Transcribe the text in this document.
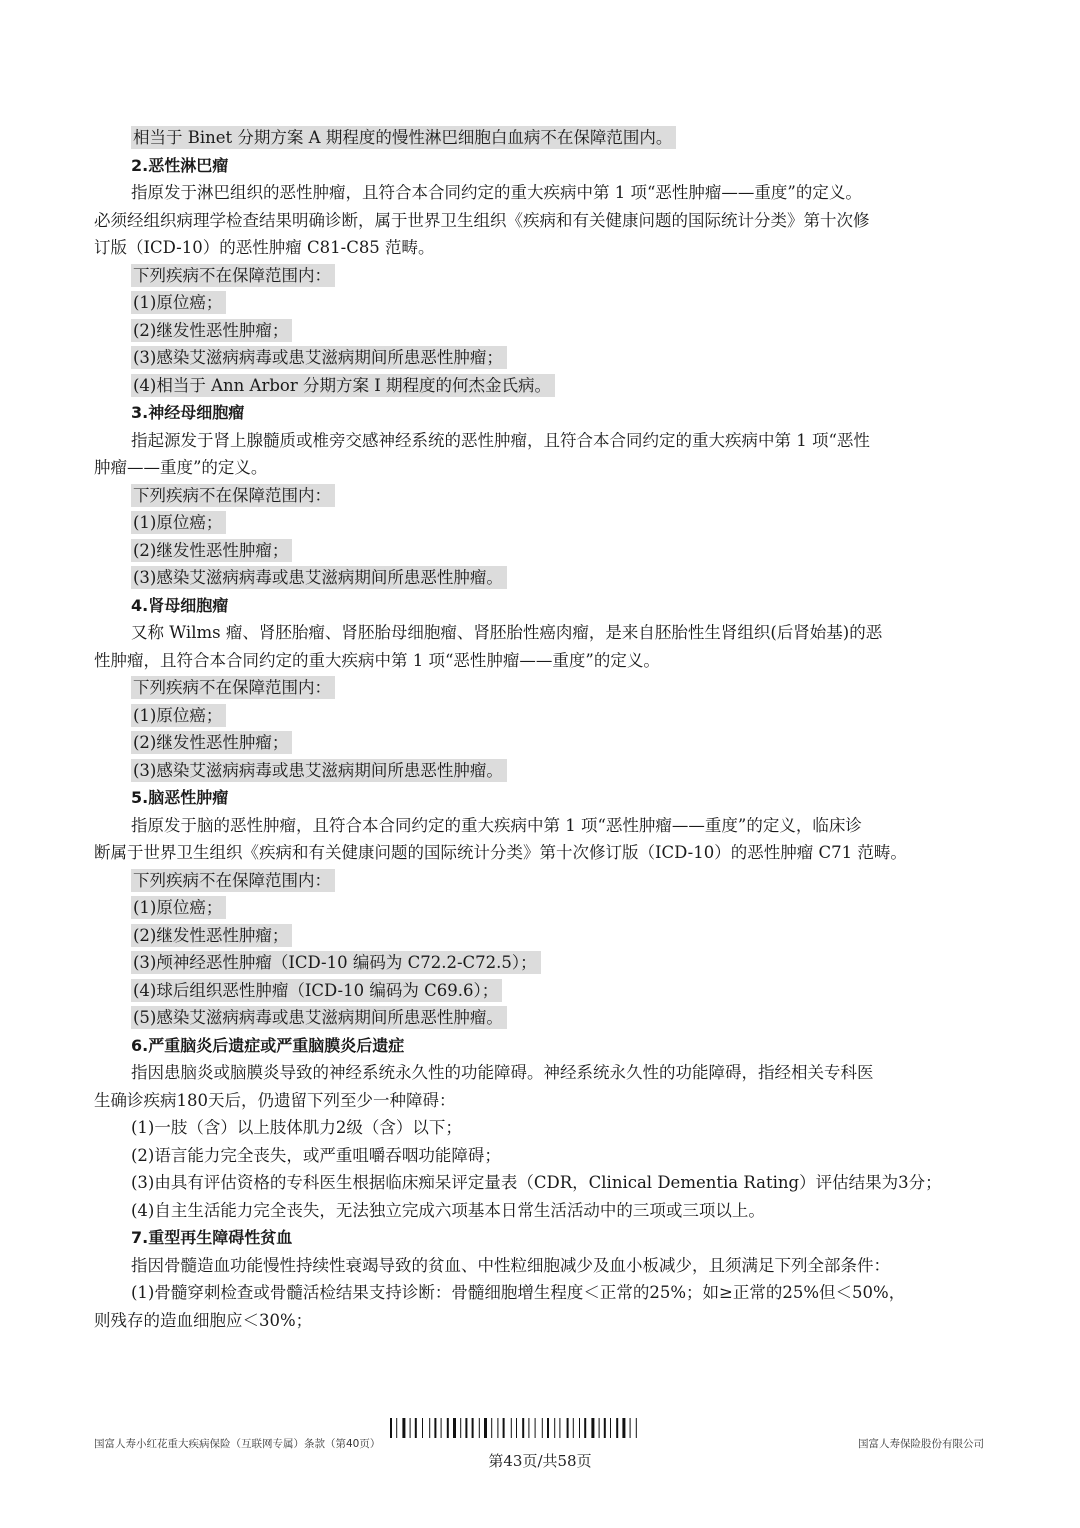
相当于 Binet 分期方案 A 期程度的慢性淋巴细胞白血病不在保障范围内。
2.恶性淋巴瘤
指原发于淋巴组织的恶性肿瘤，且符合本合同约定的重大疾病中第 1 项“恶性肿瘤——重度”的定义。
必须经组织病理学检查结果明确诊断，属于世界卫生组织《疾病和有关健康问题的国际统计分类》第十次修
订版（ICD-10）的恶性肿瘤 C81-C85 范畴。
下列疾病不在保障范围内：
(1)原位癌；
(2)继发性恶性肿瘤；
(3)感染艾滋病病毒或患艾滋病期间所患恶性肿瘤；
(4)相当于 Ann Arbor 分期方案 I 期程度的何杰金氏病。
3.神经母细胞瘤
指起源发于肾上腺髓质或椎旁交感神经系统的恶性肿瘤，且符合本合同约定的重大疾病中第 1 项“恶性
肿瘤——重度”的定义。
下列疾病不在保障范围内：
(1)原位癌；
(2)继发性恶性肿瘤；
(3)感染艾滋病病毒或患艾滋病期间所患恶性肿瘤。
4.肾母细胞瘤
又称 Wilms 瘤、肾胚胎瘤、肾胚胎母细胞瘤、肾胚胎性癌肉瘤，是来自胚胎性生肾组织(后肾始基)的恶
性肿瘤，且符合本合同约定的重大疾病中第 1 项“恶性肿瘤——重度”的定义。
下列疾病不在保障范围内：
(1)原位癌；
(2)继发性恶性肿瘤；
(3)感染艾滋病病毒或患艾滋病期间所患恶性肿瘤。
5.脑恶性肿瘤
指原发于脑的恶性肿瘤，且符合本合同约定的重大疾病中第 1 项“恶性肿瘤——重度”的定义，临床诊
断属于世界卫生组织《疾病和有关健康问题的国际统计分类》第十次修订版（ICD-10）的恶性肿瘤 C71 范畴。
下列疾病不在保障范围内：
(1)原位癌；
(2)继发性恶性肿瘤；
(3)颅神经恶性肿瘤（ICD-10 编码为 C72.2-C72.5）；
(4)球后组织恶性肿瘤（ICD-10 编码为 C69.6）；
(5)感染艾滋病病毒或患艾滋病期间所患恶性肿瘤。
6.严重脑炎后遗症或严重脑膜炎后遗症
指因患脑炎或脑膜炎导致的神经系统永久性的功能障碍。神经系统永久性的功能障碍，指经相关专科医
生确诊疾病180天后，仍遗留下列至少一种障碍：
(1)一肢（含）以上肢体肌力2级（含）以下；
(2)语言能力完全丧失，或严重咀嚼吞咽功能障碍；
(3)由具有评估资格的专科医生根据临床痴呆评定量表（CDR，Clinical Dementia Rating）评估结果为3分；
(4)自主生活能力完全丧失，无法独立完成六项基本日常生活活动中的三项或三项以上。
7.重型再生障碍性贫血
指因骨髓造血功能慢性持续性衰竭导致的贫血、中性粒细胞减少及血小板减少，且须满足下列全部条件：
(1)骨髓穿刺检查或骨髓活检结果支持诊断：骨髓细胞增生程度＜正常的25%；如≥正常的25%但＜50%，
则残存的造血细胞应＜30%；
国富人寿小红花重大疾病保险（互联网专属）条款（第40页）
第43页/共58页
国富人寿保险股份有限公司
